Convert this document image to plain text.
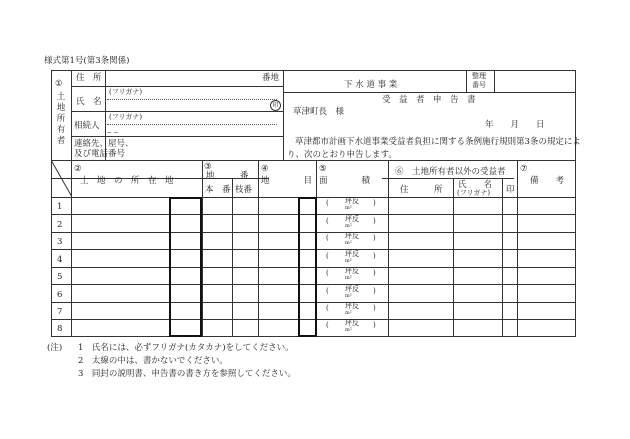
様式第1号(第3条関係)
①
土
地
所
有
者
住　所	番地
(フリガナ)
氏　名	印
(フリガナ)
相続人
‒ ‒
連絡先、屋号、
及び電話番号
下 水 道 事 業
整理
番号
受　益　者　申　告　書
草津町長　様
年　　月　　日
草津都市計画下水道事業受益者負担に関する条例施行規則第3条の規定によ
り、次のとおり申告します。
②
土　地　の　所　在　地
③
地　　　番
本　番 枝番
④
地　　　　目
⑤
面　　　　積
⑥　土地所有者以外の受益者
住　　　所 氏　　名
(フリガナ) 印
⑦
備　　考
1
2
3
4
5
6
7
8
( 坪反 )
m²
( 坪反 )
m²
( 坪反 )
m²
( 坪反 )
m²
( 坪反 )
m²
( 坪反 )
m²
( 坪反 )
m²
( 坪反 )
m²
(注) 1　氏名には、必ずフリガナ(カタカナ)をしてください。
2　太線の中は、書かないでください。
3　同封の説明書、申告書の書き方を参照してください。
